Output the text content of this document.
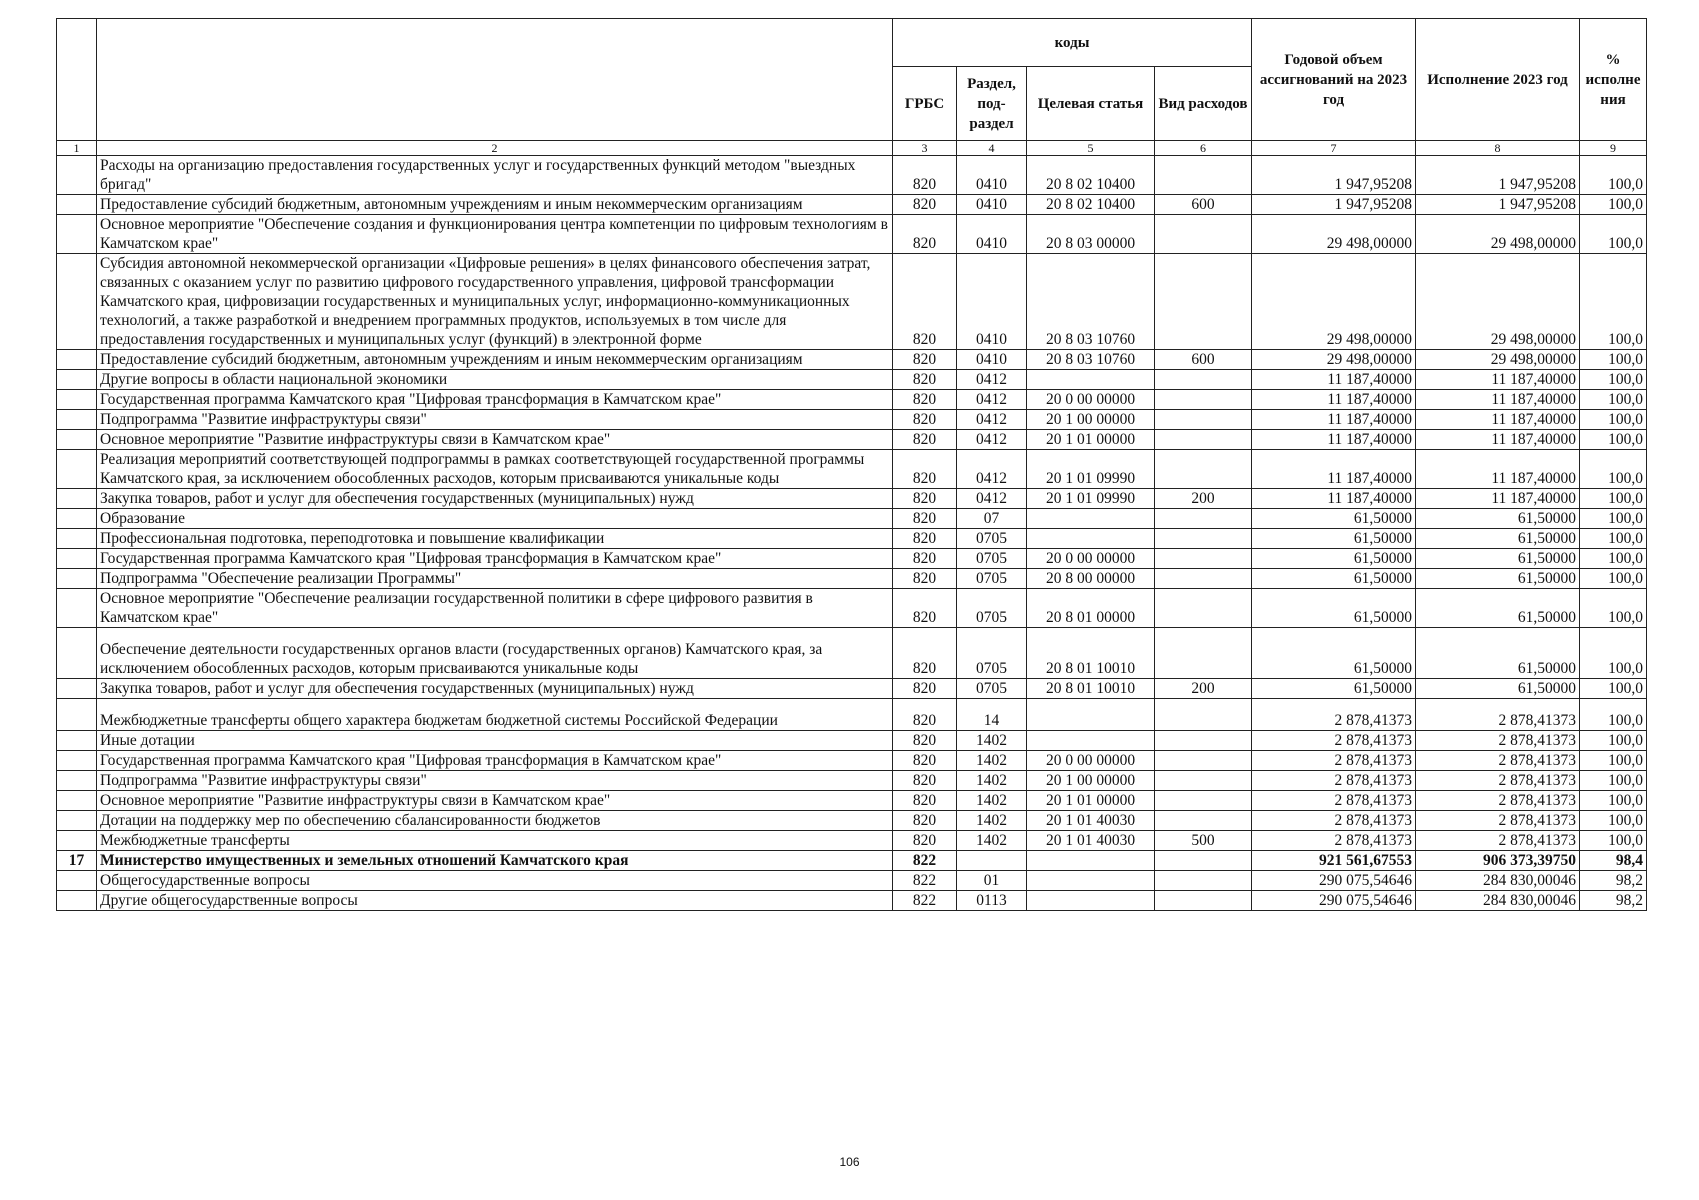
		коды				Годовой объем ассигнований на 2023 год	Исполнение 2023 год	% исполне ния
		ГРБС	Раздел, под-раздел	Целевая статья	Вид расходов			
1	2	3	4	5	6	7	8	9
	Расходы на организацию предоставления государственных услуг и государственных функций методом "выездных бригад"	820	0410	20 8 02 10400		1 947,95208	1 947,95208	100,0
	Предоставление субсидий бюджетным, автономным учреждениям и иным некоммерческим организациям	820	0410	20 8 02 10400	600	1 947,95208	1 947,95208	100,0
	Основное мероприятие "Обеспечение создания и функционирования центра компетенции по цифровым технологиям в Камчатском крае"	820	0410	20 8 03 00000		29 498,00000	29 498,00000	100,0
	Субсидия автономной некоммерческой организации «Цифровые решения» в целях финансового обеспечения затрат, связанных с оказанием услуг по развитию цифрового государственного управления, цифровой трансформации Камчатского края, цифровизации государственных и муниципальных услуг, информационно-коммуникационных технологий, а также разработкой и внедрением программных продуктов, используемых в том числе для предоставления государственных и муниципальных услуг (функций) в электронной форме	820	0410	20 8 03 10760		29 498,00000	29 498,00000	100,0
	Предоставление субсидий бюджетным, автономным учреждениям и иным некоммерческим организациям	820	0410	20 8 03 10760	600	29 498,00000	29 498,00000	100,0
	Другие вопросы в области национальной экономики	820	0412			11 187,40000	11 187,40000	100,0
	Государственная программа Камчатского края "Цифровая трансформация в Камчатском крае"	820	0412	20 0 00 00000		11 187,40000	11 187,40000	100,0
	Подпрограмма "Развитие инфраструктуры связи"	820	0412	20 1 00 00000		11 187,40000	11 187,40000	100,0
	Основное мероприятие "Развитие инфраструктуры связи в Камчатском крае"	820	0412	20 1 01 00000		11 187,40000	11 187,40000	100,0
	Реализация мероприятий соответствующей подпрограммы в рамках соответствующей государственной программы Камчатского края, за исключением обособленных расходов, которым присваиваются уникальные коды	820	0412	20 1 01 09990		11 187,40000	11 187,40000	100,0
	Закупка товаров, работ и услуг для обеспечения государственных (муниципальных) нужд	820	0412	20 1 01 09990	200	11 187,40000	11 187,40000	100,0
	Образование	820	07			61,50000	61,50000	100,0
	Профессиональная подготовка, переподготовка и повышение квалификации	820	0705			61,50000	61,50000	100,0
	Государственная программа Камчатского края "Цифровая трансформация в Камчатском крае"	820	0705	20 0 00 00000		61,50000	61,50000	100,0
	Подпрограмма "Обеспечение реализации Программы"	820	0705	20 8 00 00000		61,50000	61,50000	100,0
	Основное мероприятие "Обеспечение реализации государственной политики в сфере цифрового развития в Камчатском крае"	820	0705	20 8 01 00000		61,50000	61,50000	100,0
	Обеспечение деятельности государственных органов власти (государственных органов) Камчатского края, за исключением обособленных расходов, которым присваиваются уникальные коды	820	0705	20 8 01 10010		61,50000	61,50000	100,0
	Закупка товаров, работ и услуг для обеспечения государственных (муниципальных) нужд	820	0705	20 8 01 10010	200	61,50000	61,50000	100,0
	Межбюджетные трансферты общего характера бюджетам бюджетной системы Российской Федерации	820	14			2 878,41373	2 878,41373	100,0
	Иные дотации	820	1402			2 878,41373	2 878,41373	100,0
	Государственная программа Камчатского края "Цифровая трансформация в Камчатском крае"	820	1402	20 0 00 00000		2 878,41373	2 878,41373	100,0
	Подпрограмма "Развитие инфраструктуры связи"	820	1402	20 1 00 00000		2 878,41373	2 878,41373	100,0
	Основное мероприятие "Развитие инфраструктуры связи в Камчатском крае"	820	1402	20 1 01 00000		2 878,41373	2 878,41373	100,0
	Дотации на поддержку мер по обеспечению сбалансированности бюджетов	820	1402	20 1 01 40030		2 878,41373	2 878,41373	100,0
	Межбюджетные трансферты	820	1402	20 1 01 40030	500	2 878,41373	2 878,41373	100,0
17	Министерство имущественных и земельных отношений Камчатского края	822				921 561,67553	906 373,39750	98,4
	Общегосударственные вопросы	822	01			290 075,54646	284 830,00046	98,2
	Другие общегосударственные вопросы	822	0113			290 075,54646	284 830,00046	98,2
106
